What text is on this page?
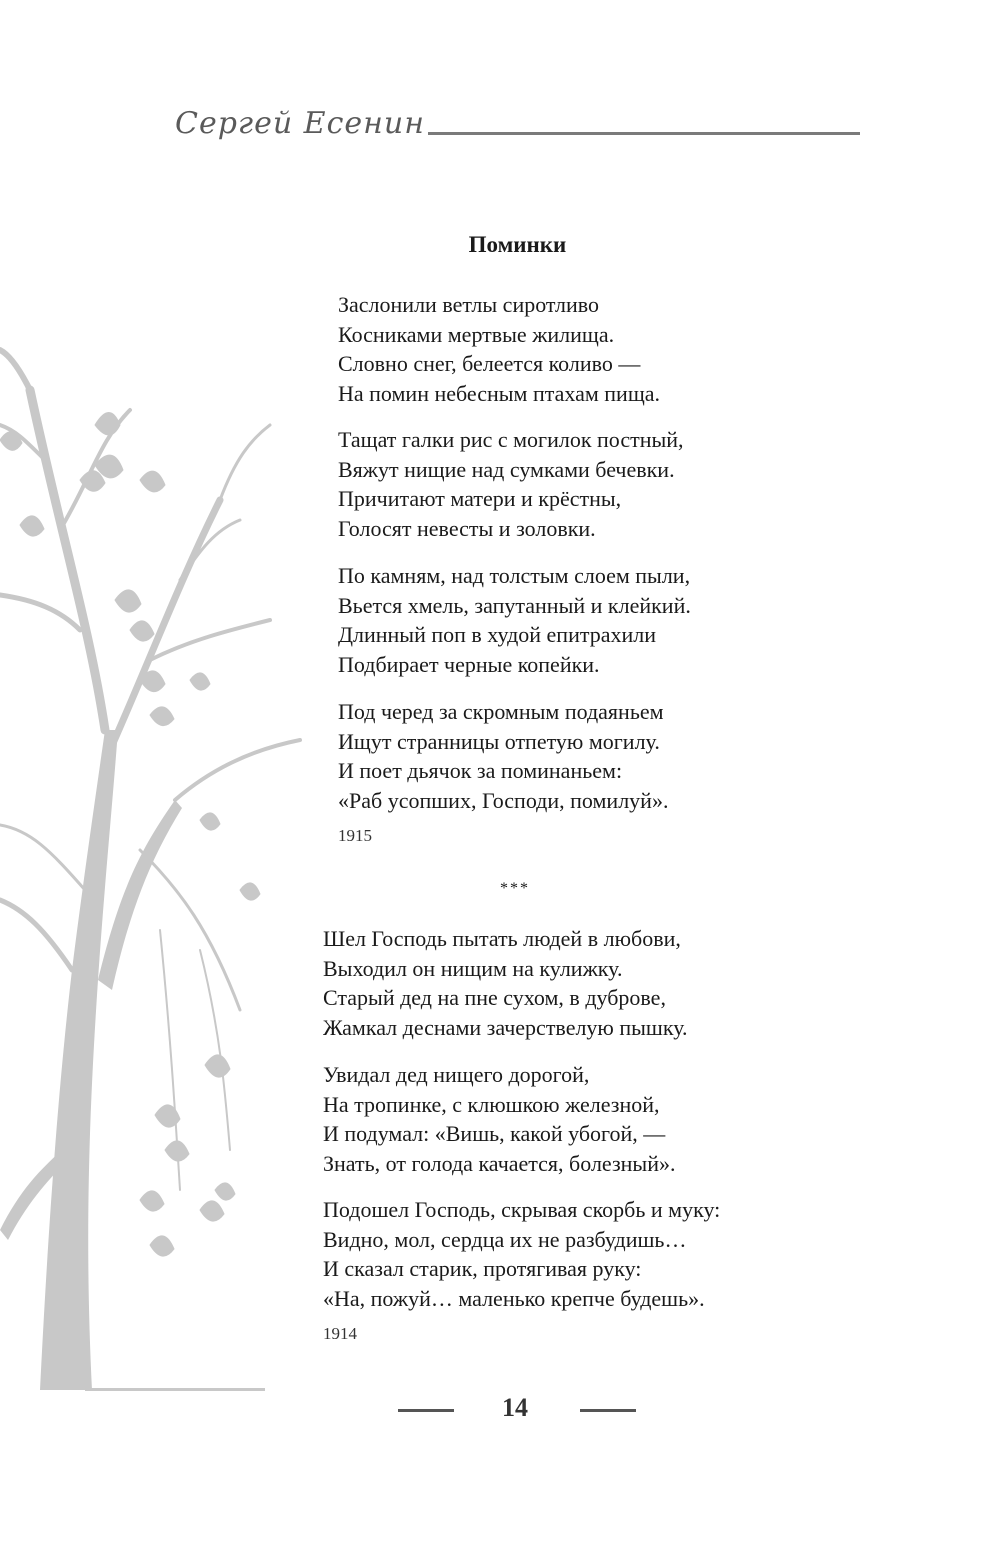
Сергей Есенин
Поминки
Заслонили ветлы сиротливо
Косниками мертвые жилища.
Словно снег, белеется коливо —
На помин небесным птахам пища.
Тащат галки рис с могилок постный,
Вяжут нищие над сумками бечевки.
Причитают матери и крёстны,
Голосят невесты и золовки.
По камням, над толстым слоем пыли,
Вьется хмель, запутанный и клейкий.
Длинный поп в худой епитрахили
Подбирает черные копейки.
Под черед за скромным подаяньем
Ищут странницы отпетую могилу.
И поет дьячок за поминаньем:
«Раб усопших, Господи, помилуй».
1915
***
Шел Господь пытать людей в любови,
Выходил он нищим на кулижку.
Старый дед на пне сухом, в дуброве,
Жамкал деснами зачерствелую пышку.
Увидал дед нищего дорогой,
На тропинке, с клюшкою железной,
И подумал: «Вишь, какой убогой, —
Знать, от голода качается, болезный».
Подошел Господь, скрывая скорбь и муку:
Видно, мол, сердца их не разбудишь…
И сказал старик, протягивая руку:
«На, пожуй… маленько крепче будешь».
1914
14
